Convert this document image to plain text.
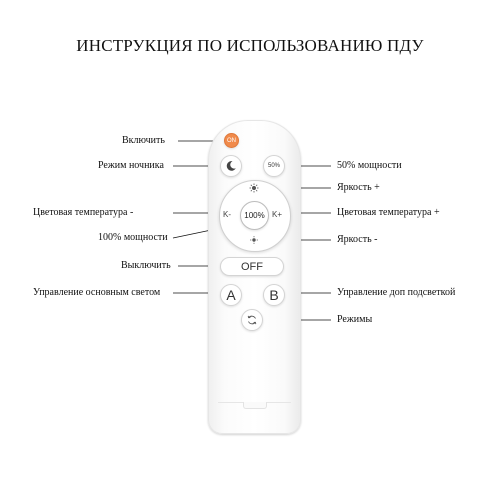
ИНСТРУКЦИЯ ПО ИСПОЛЬЗОВАНИЮ ПДУ
ON
50%
K-	K+
100%
OFF
A B
Включить
Режим ночника
Цветовая температура -
100% мощности
Выключить
Управление основным светом
50% мощности
Яркость +
Цветовая температура +
Яркость -
Управление доп подсветкой
Режимы
